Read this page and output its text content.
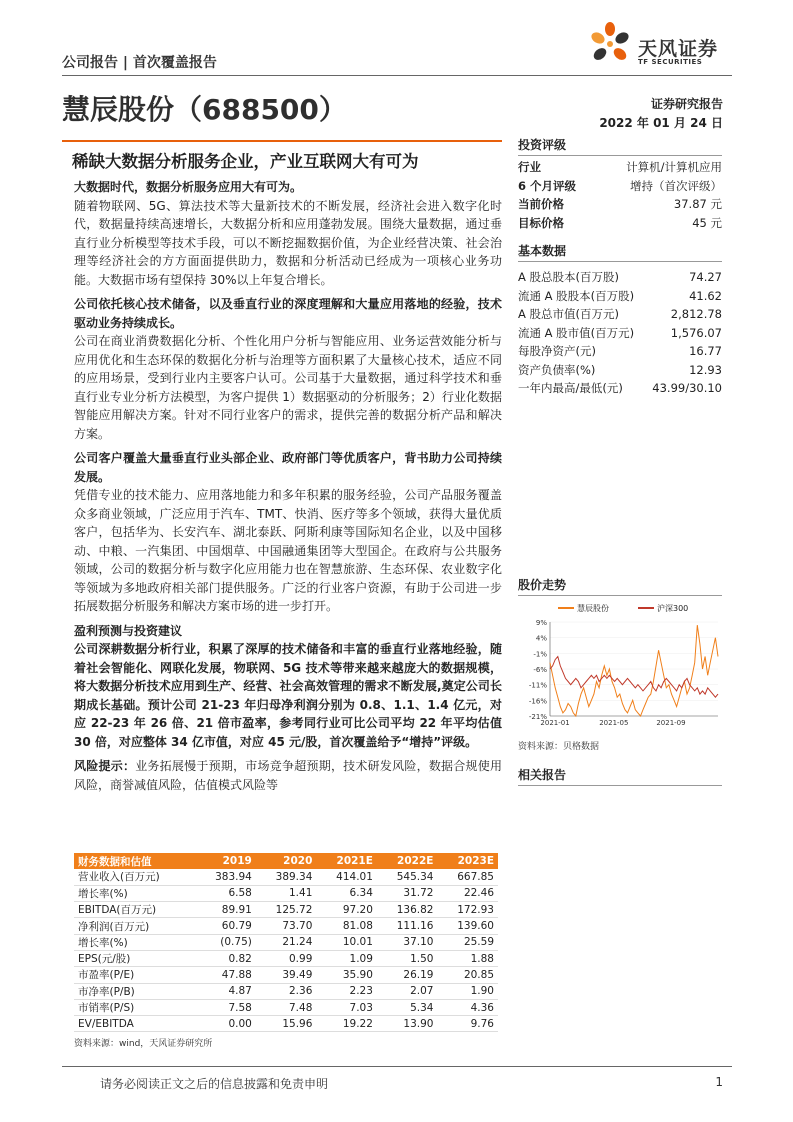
公司报告 | 首次覆盖报告
天风证券
TF SECURITIES
慧辰股份（688500）	证券研究报告
2022 年 01 月 24 日
稀缺大数据分析服务企业，产业互联网大有可为

大数据时代，数据分析服务应用大有可为。

随着物联网、5G、算法技术等大量新技术的不断发展，经济社会进入数字化时代，数据量持续高速增长，大数据分析和应用蓬勃发展。围绕大量数据，通过垂直行业分析模型等技术手段，可以不断挖掘数据价值，为企业经营决策、社会治理等经济社会的方方面面提供助力，数据和分析活动已经成为一项核心业务功能。大数据市场有望保持 30%以上年复合增长。

公司依托核心技术储备，以及垂直行业的深度理解和大量应用落地的经验，技术驱动业务持续成长。

公司在商业消费数据化分析、个性化用户分析与智能应用、业务运营效能分析与应用优化和生态环保的数据化分析与治理等方面积累了大量核心技术，适应不同的应用场景，受到行业内主要客户认可。公司基于大量数据，通过科学技术和垂直行业专业分析方法模型，为客户提供 1）数据驱动的分析服务；2）行业化数据智能应用解决方案。针对不同行业客户的需求，提供完善的数据分析产品和解决方案。

公司客户覆盖大量垂直行业头部企业、政府部门等优质客户，背书助力公司持续发展。

凭借专业的技术能力、应用落地能力和多年积累的服务经验，公司产品服务覆盖众多商业领域，广泛应用于汽车、TMT、快消、医疗等多个领域，获得大量优质客户，包括华为、长安汽车、湖北泰跃、阿斯利康等国际知名企业，以及中国移动、中粮、一汽集团、中国烟草、中国融通集团等大型国企。在政府与公共服务领域，公司的数据分析与数字化应用能力也在智慧旅游、生态环保、农业数字化等领域为多地政府相关部门提供服务。广泛的行业客户资源，有助于公司进一步拓展数据分析服务和解决方案市场的进一步打开。

盈利预测与投资建议

公司深耕数据分析行业，积累了深厚的技术储备和丰富的垂直行业落地经验，随着社会智能化、网联化发展，物联网、5G 技术等带来越来越庞大的数据规模，将大数据分析技术应用到生产、经营、社会高效管理的需求不断发展,奠定公司长期成长基础。预计公司 21-23 年归母净利润分别为 0.8、1.1、1.4 亿元，对应 22-23 年 26 倍、21 倍市盈率，参考同行业可比公司平均 22 年平均估值 30 倍，对应整体 34 亿市值，对应 45 元/股，首次覆盖给予“增持”评级。

风险提示：业务拓展慢于预期，市场竞争超预期，技术研发风险，数据合规使用风险，商誉减值风险，估值模式风险等

投资评级
行业	计算机/计算机应用
6 个月评级	增持（首次评级）
当前价格	37.87 元
目标价格	45 元
基本数据
A 股总股本(百万股)	74.27
流通 A 股股本(百万股)	41.62
A 股总市值(百万元)	2,812.78
流通 A 股市值(百万元)	1,576.07
每股净资产(元)	16.77
资产负债率(%)	12.93
一年内最高/最低(元)	43.99/30.10
股价走势
慧辰股份	沪深300
9%
4%
-1%
-6%
-11%
-16%
-21%
2021-01	2021-05	2021-09
资料来源：贝格数据
相关报告
财务数据和估值	2019	2020	2021E	2022E	2023E
营业收入(百万元)	383.94	389.34	414.01	545.34	667.85
增长率(%)	6.58	1.41	6.34	31.72	22.46
EBITDA(百万元)	89.91	125.72	97.20	136.82	172.93
净利润(百万元)	60.79	73.70	81.08	111.16	139.60
增长率(%)	(0.75)	21.24	10.01	37.10	25.59
EPS(元/股)	0.82	0.99	1.09	1.50	1.88
市盈率(P/E)	47.88	39.49	35.90	26.19	20.85
市净率(P/B)	4.87	2.36	2.23	2.07	1.90
市销率(P/S)	7.58	7.48	7.03	5.34	4.36
EV/EBITDA	0.00	15.96	19.22	13.90	9.76
资料来源：wind，天风证券研究所
请务必阅读正文之后的信息披露和免责申明	1
